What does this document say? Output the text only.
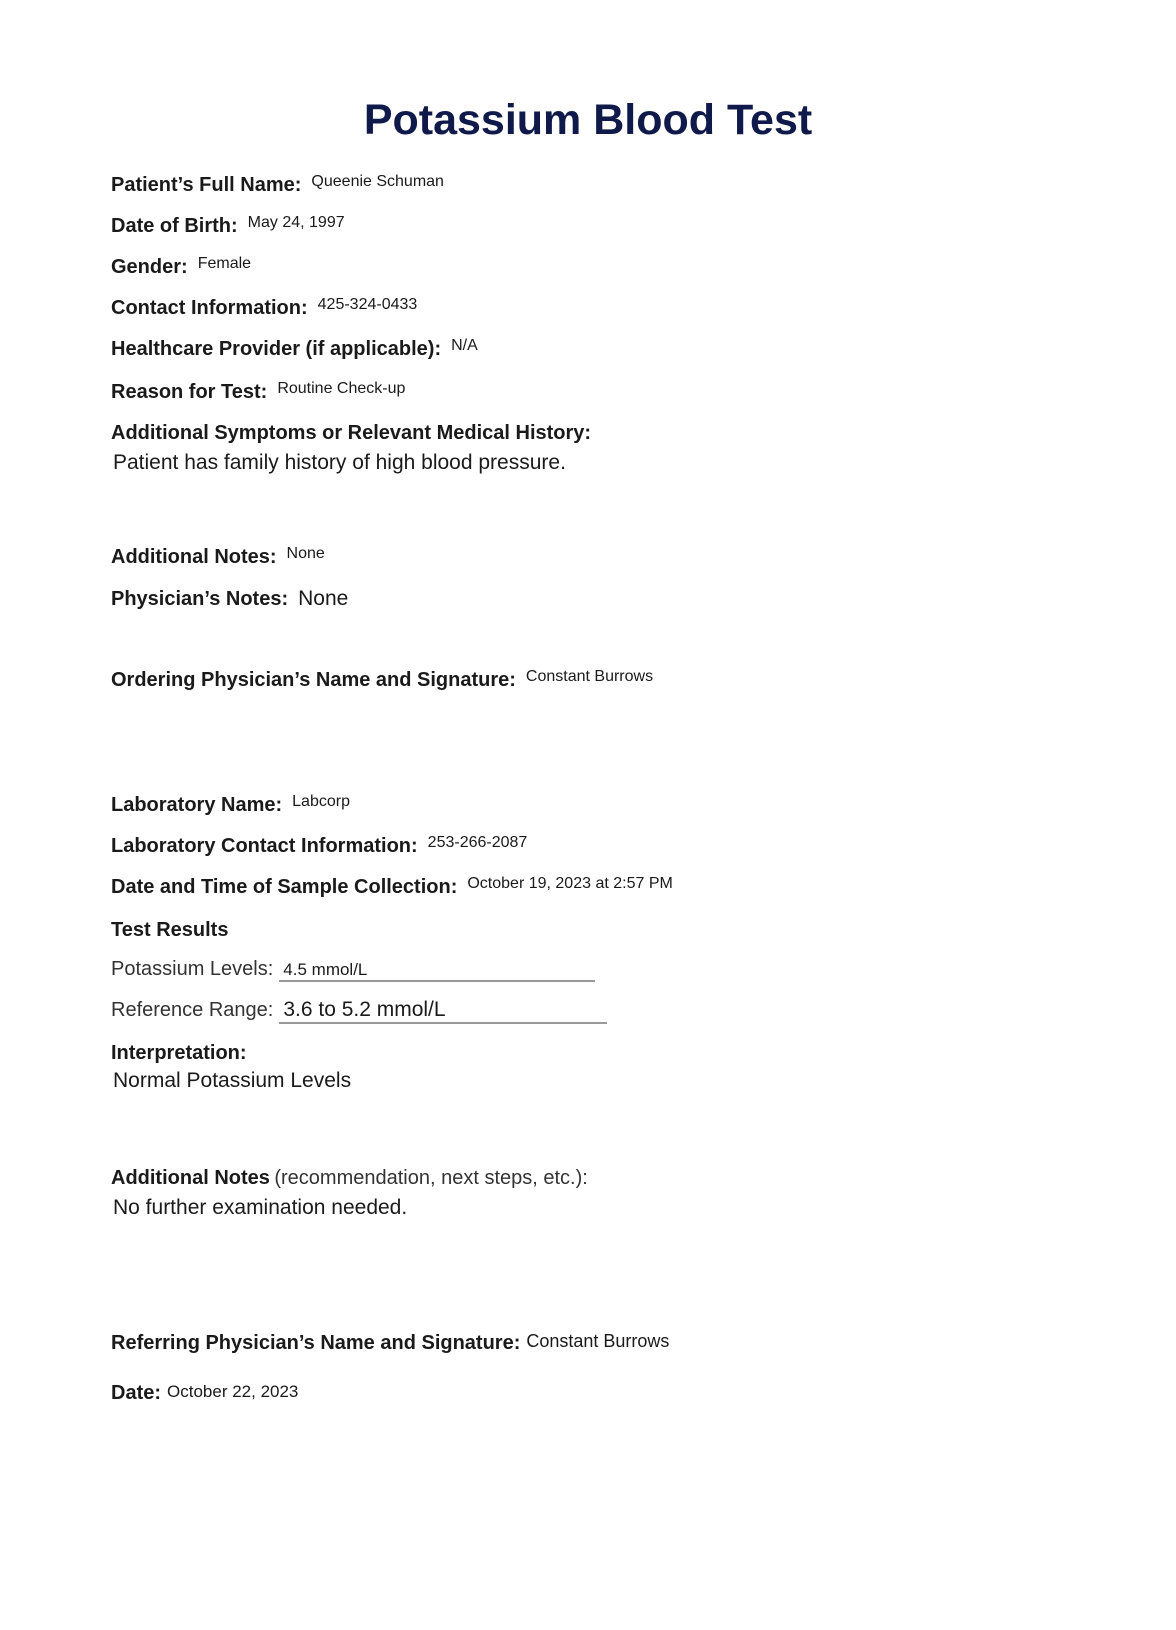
Potassium Blood Test
Patient’s Full Name: Queenie Schuman
Date of Birth: May 24, 1997
Gender: Female
Contact Information: 425-324-0433
Healthcare Provider (if applicable): N/A
Reason for Test: Routine Check-up
Additional Symptoms or Relevant Medical History:
Patient has family history of high blood pressure.
Additional Notes: None
Physician’s Notes: None
Ordering Physician’s Name and Signature: Constant Burrows
Laboratory Name: Labcorp
Laboratory Contact Information: 253-266-2087
Date and Time of Sample Collection: October 19, 2023 at 2:57 PM
Test Results
Potassium Levels: 4.5 mmol/L
Reference Range: 3.6 to 5.2 mmol/L
Interpretation:
Normal Potassium Levels
Additional Notes (recommendation, next steps, etc.):
No further examination needed.
Referring Physician’s Name and Signature: Constant Burrows
Date: October 22, 2023
